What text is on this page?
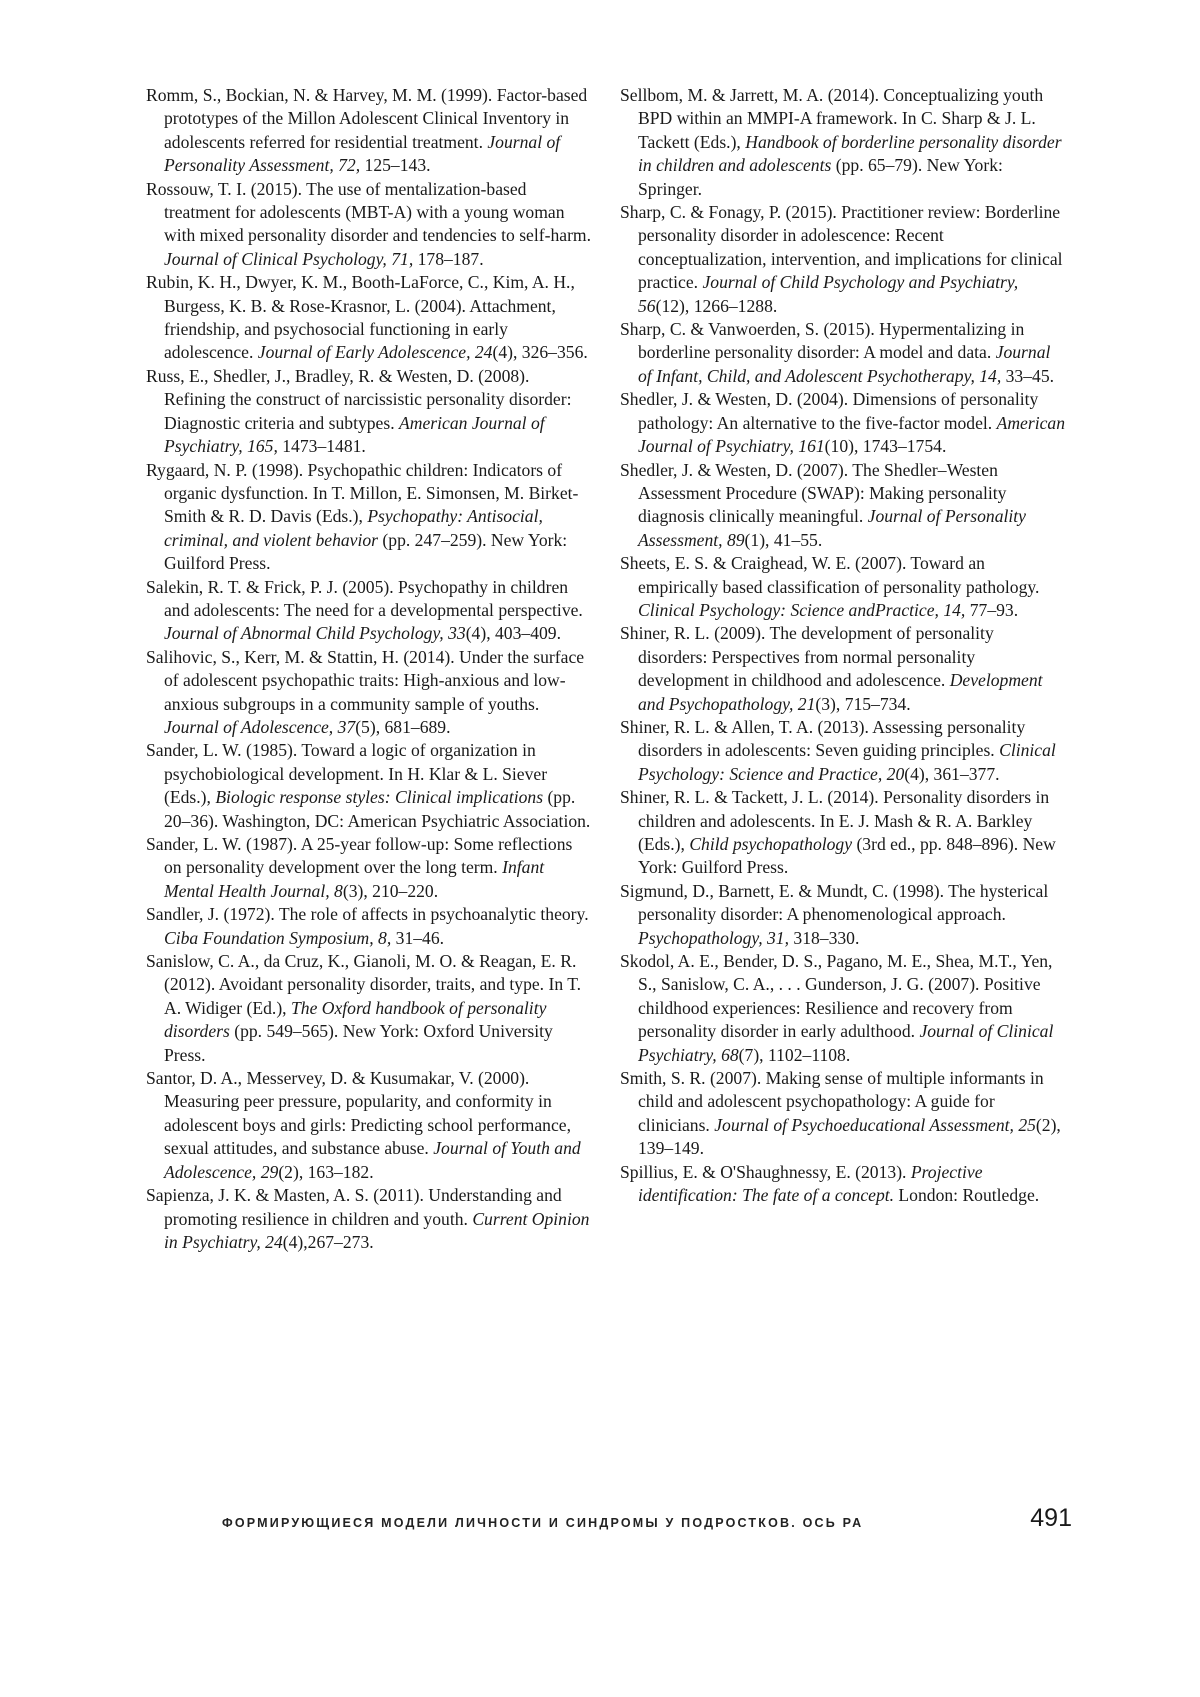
Romm, S., Bockian, N. & Harvey, M. M. (1999). Factor-based prototypes of the Millon Adolescent Clinical Inventory in adolescents referred for residential treatment. Journal of Personality Assessment, 72, 125–143.

Rossouw, T. I. (2015). The use of mentalization-based treatment for adolescents (MBT-A) with a young woman with mixed personality disorder and tendencies to self-harm. Journal of Clinical Psychology, 71, 178–187.

Rubin, K. H., Dwyer, K. M., Booth-LaForce, C., Kim, A. H., Burgess, K. B. & Rose-Krasnor, L. (2004). Attachment, friendship, and psychosocial functioning in early adolescence. Journal of Early Adolescence, 24(4), 326–356.

Russ, E., Shedler, J., Bradley, R. & Westen, D. (2008). Refining the construct of narcissistic personality disorder: Diagnostic criteria and subtypes. American Journal of Psychiatry, 165, 1473–1481.

Rygaard, N. P. (1998). Psychopathic children: Indicators of organic dysfunction. In T. Millon, E. Simonsen, M. Birket-Smith & R. D. Davis (Eds.), Psychopathy: Antisocial, criminal, and violent behavior (pp. 247–259). New York: Guilford Press.

Salekin, R. T. & Frick, P. J. (2005). Psychopathy in children and adolescents: The need for a developmental perspective. Journal of Abnormal Child Psychology, 33(4), 403–409.

Salihovic, S., Kerr, M. & Stattin, H. (2014). Under the surface of adolescent psychopathic traits: High-anxious and low-anxious subgroups in a community sample of youths. Journal of Adolescence, 37(5), 681–689.

Sander, L. W. (1985). Toward a logic of organization in psychobiological development. In H. Klar & L. Siever (Eds.), Biologic response styles: Clinical implications (pp. 20–36). Washington, DC: American Psychiatric Association.

Sander, L. W. (1987). A 25-year follow-up: Some reflections on personality development over the long term. Infant Mental Health Journal, 8(3), 210–220.

Sandler, J. (1972). The role of affects in psychoanalytic theory. Ciba Foundation Symposium, 8, 31–46.

Sanislow, C. A., da Cruz, K., Gianoli, M. O. & Reagan, E. R. (2012). Avoidant personality disorder, traits, and type. In T. A. Widiger (Ed.), The Oxford handbook of personality disorders (pp. 549–565). New York: Oxford University Press.

Santor, D. A., Messervey, D. & Kusumakar, V. (2000). Measuring peer pressure, popularity, and conformity in adolescent boys and girls: Predicting school performance, sexual attitudes, and substance abuse. Journal of Youth and Adolescence, 29(2), 163–182.

Sapienza, J. K. & Masten, A. S. (2011). Understanding and promoting resilience in children and youth. Current Opinion in Psychiatry, 24(4),267–273.

Sellbom, M. & Jarrett, M. A. (2014). Conceptualizing youth BPD within an MMPI-A framework. In C. Sharp & J. L. Tackett (Eds.), Handbook of borderline personality disorder in children and adolescents (pp. 65–79). New York: Springer.

Sharp, C. & Fonagy, P. (2015). Practitioner review: Borderline personality disorder in adolescence: Recent conceptualization, intervention, and implications for clinical practice. Journal of Child Psychology and Psychiatry, 56(12), 1266–1288.

Sharp, C. & Vanwoerden, S. (2015). Hypermentalizing in borderline personality disorder: A model and data. Journal of Infant, Child, and Adolescent Psychotherapy, 14, 33–45.

Shedler, J. & Westen, D. (2004). Dimensions of personality pathology: An alternative to the five-factor model. American Journal of Psychiatry, 161(10), 1743–1754.

Shedler, J. & Westen, D. (2007). The Shedler–Westen Assessment Procedure (SWAP): Making personality diagnosis clinically meaningful. Journal of Personality Assessment, 89(1), 41–55.

Sheets, E. S. & Craighead, W. E. (2007). Toward an empirically based classification of personality pathology. Clinical Psychology: Science andPractice, 14, 77–93.

Shiner, R. L. (2009). The development of personality disorders: Perspectives from normal personality development in childhood and adolescence. Development and Psychopathology, 21(3), 715–734.

Shiner, R. L. & Allen, T. A. (2013). Assessing personality disorders in adolescents: Seven guiding principles. Clinical Psychology: Science and Practice, 20(4), 361–377.

Shiner, R. L. & Tackett, J. L. (2014). Personality disorders in children and adolescents. In E. J. Mash & R. A. Barkley (Eds.), Child psychopathology (3rd ed., pp. 848–896). New York: Guilford Press.

Sigmund, D., Barnett, E. & Mundt, C. (1998). The hysterical personality disorder: A phenomenological approach. Psychopathology, 31, 318–330.

Skodol, A. E., Bender, D. S., Pagano, M. E., Shea, M.T., Yen, S., Sanislow, C. A., . . . Gunderson, J. G. (2007). Positive childhood experiences: Resilience and recovery from personality disorder in early adulthood. Journal of Clinical Psychiatry, 68(7), 1102–1108.

Smith, S. R. (2007). Making sense of multiple informants in child and adolescent psychopathology: A guide for clinicians. Journal of Psychoeducational Assessment, 25(2), 139–149.

Spillius, E. & O'Shaughnessy, E. (2013). Projective identification: The fate of a concept. London: Routledge.

ФОРМИРУЮЩИЕСЯ МОДЕЛИ ЛИЧНОСТИ И СИНДРОМЫ У ПОДРОСТКОВ. ОСЬ PA	491
